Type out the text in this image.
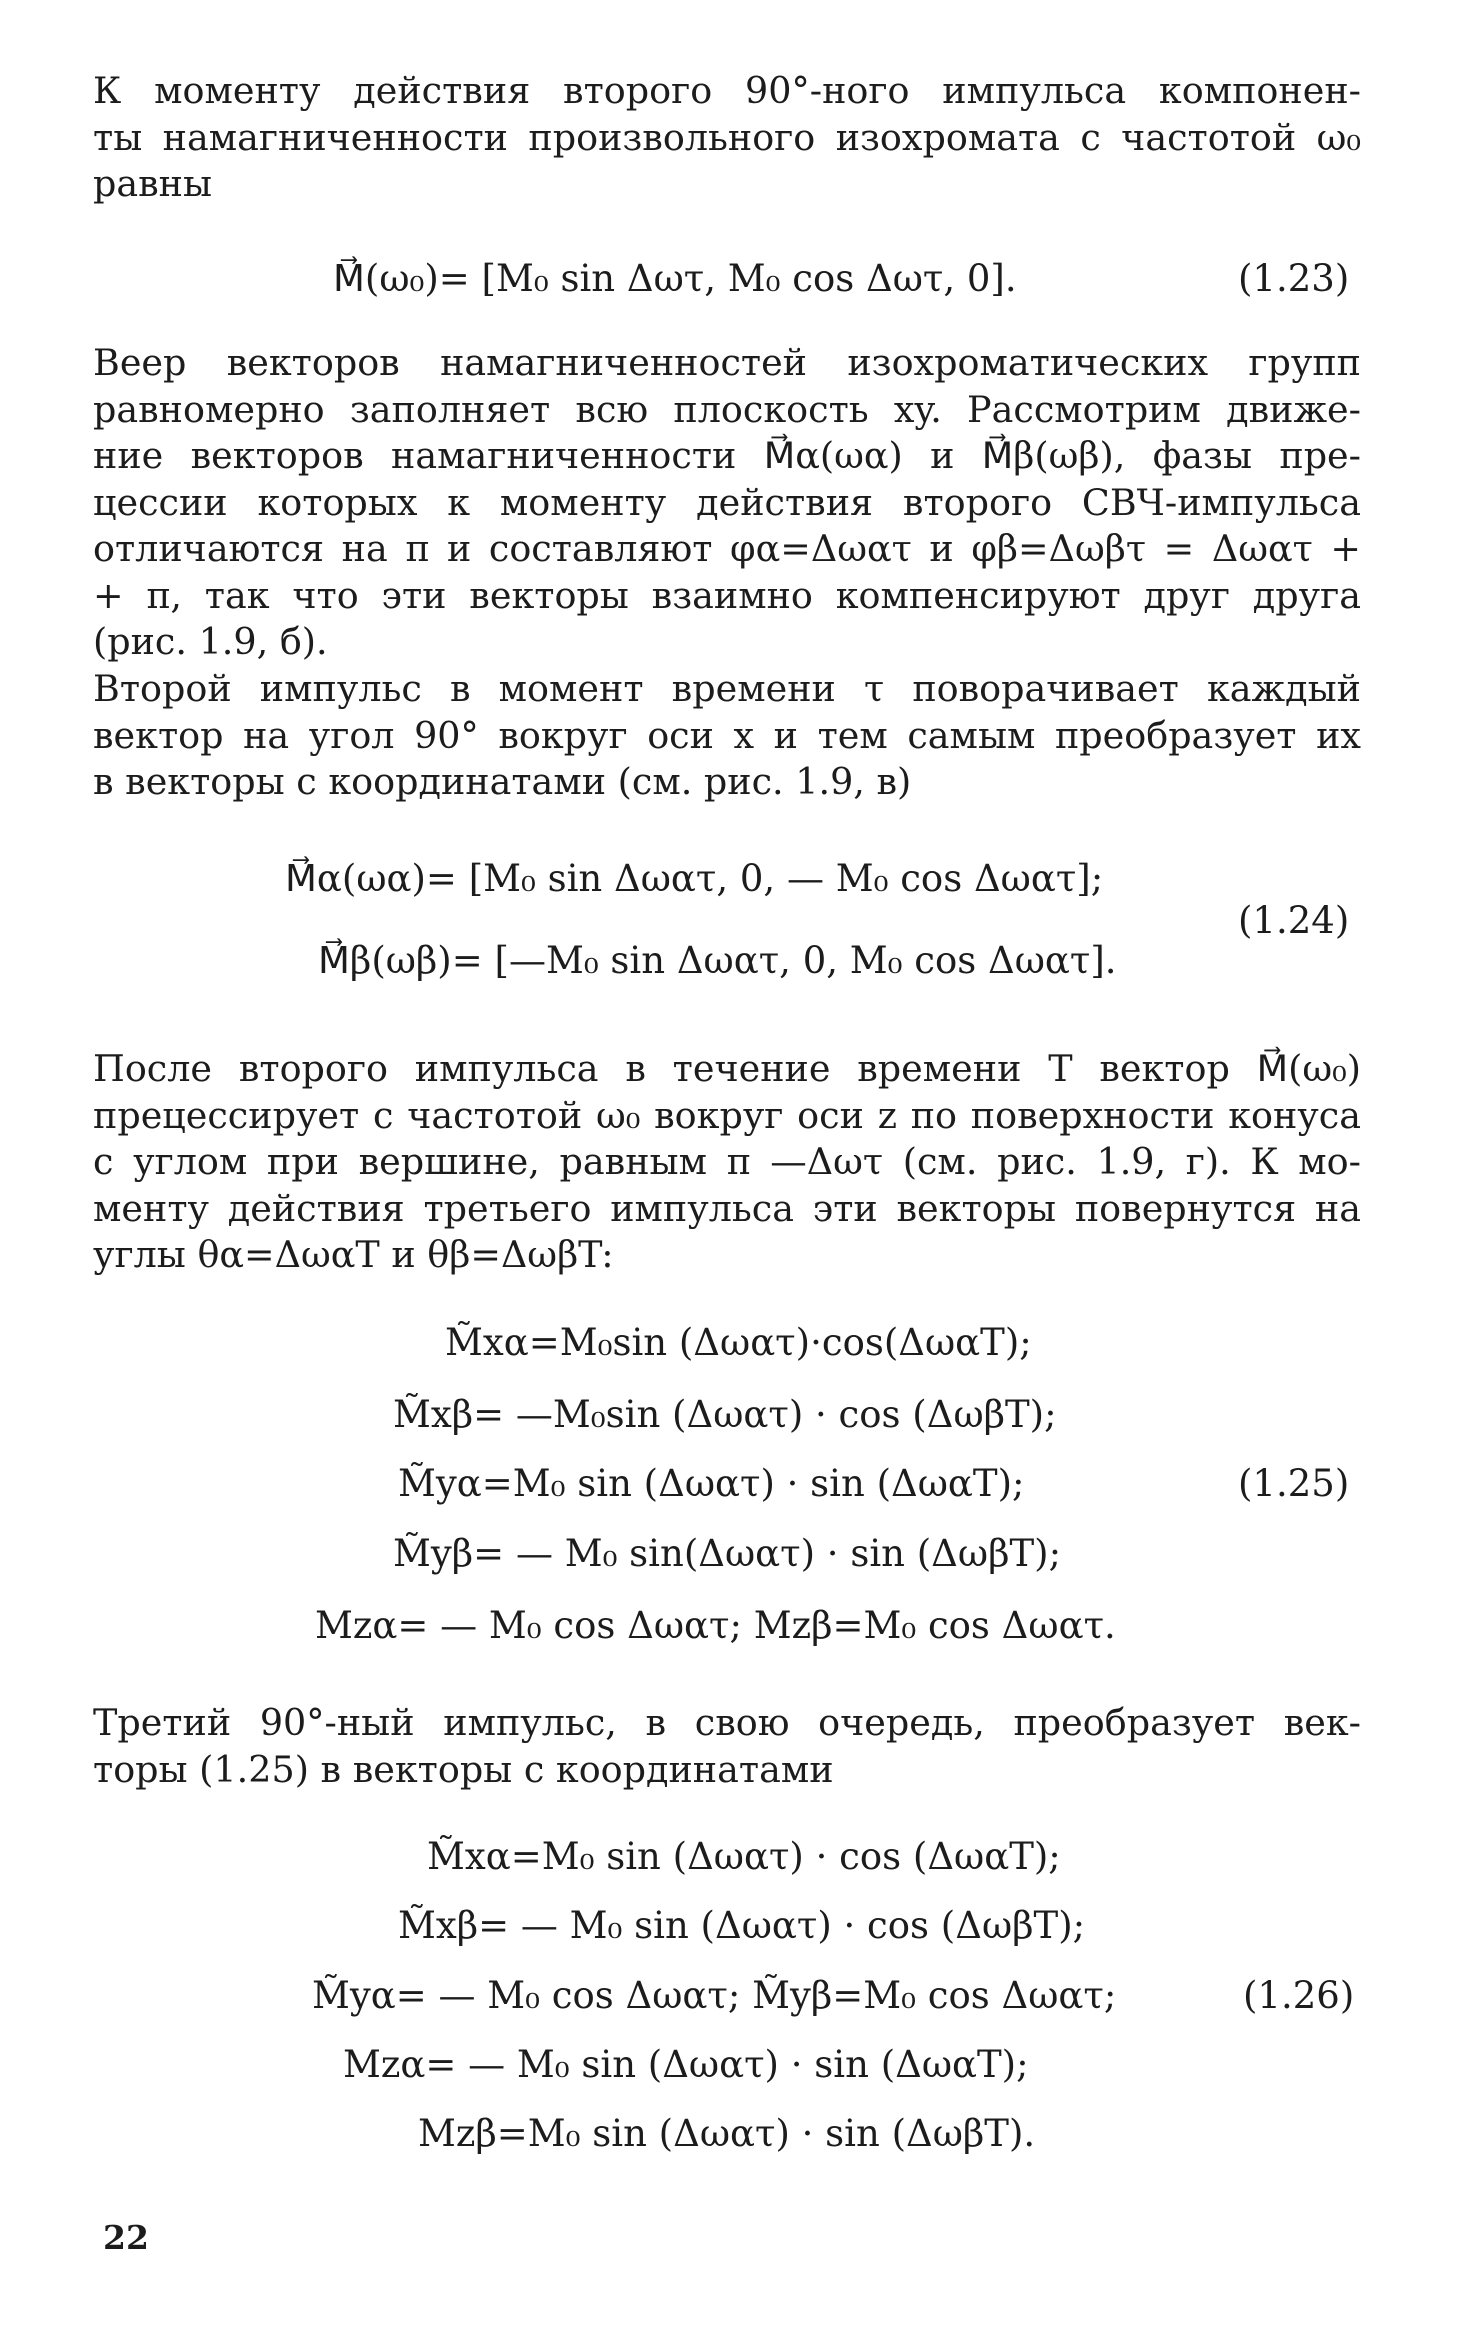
К моменту действия второго 90°-ного импульса компонен-
ты намагниченности произвольного изохромата с частотой ω₀
равны
M⃗(ω₀)= [M₀ sin Δωτ, M₀ cos Δωτ, 0].	(1.23)
Веер векторов намагниченностей изохроматических групп
равномерно заполняет всю плоскость xy. Рассмотрим движе-
ние векторов намагниченности M⃗α(ωα) и M⃗β(ωβ), фазы пре-
цессии которых к моменту действия второго СВЧ-импульса
отличаются на π и составляют φα=Δωατ и φβ=Δωβτ = Δωατ +
+ π, так что эти векторы взаимно компенсируют друг друга
(рис. 1.9, б).
Второй импульс в момент времени τ поворачивает каждый
вектор на угол 90° вокруг оси x и тем самым преобразует их
в векторы с координатами (см. рис. 1.9, в)
M⃗α(ωα)= [M₀ sin Δωατ, 0, — M₀ cos Δωατ];
M⃗β(ωβ)= [—M₀ sin Δωατ, 0, M₀ cos Δωατ].
(1.24)
После второго импульса в течение времени T вектор M⃗(ω₀)
прецессирует с частотой ω₀ вокруг оси z по поверхности конуса
с углом при вершине, равным π —Δωτ (см. рис. 1.9, г). К мо-
менту действия третьего импульса эти векторы повернутся на
углы θα=ΔωαT и θβ=ΔωβT:
M̃xα=M₀sin (Δωατ)·cos(ΔωαT);
M̃xβ= —M₀sin (Δωατ) · cos (ΔωβT);
M̃yα=M₀ sin (Δωατ) · sin (ΔωαT);
M̃yβ= — M₀ sin(Δωατ) · sin (ΔωβT);
Mzα= — M₀ cos Δωατ; Mzβ=M₀ cos Δωατ.
(1.25)
Третий 90°-ный импульс, в свою очередь, преобразует век-
торы (1.25) в векторы с координатами
M̃xα=M₀ sin (Δωατ) · cos (ΔωαT);
M̃xβ= — M₀ sin (Δωατ) · cos (ΔωβT);
M̃yα= — M₀ cos Δωατ; M̃yβ=M₀ cos Δωατ;
Mzα= — M₀ sin (Δωατ) · sin (ΔωαT);
Mzβ=M₀ sin (Δωατ) · sin (ΔωβT).
(1.26)
22
